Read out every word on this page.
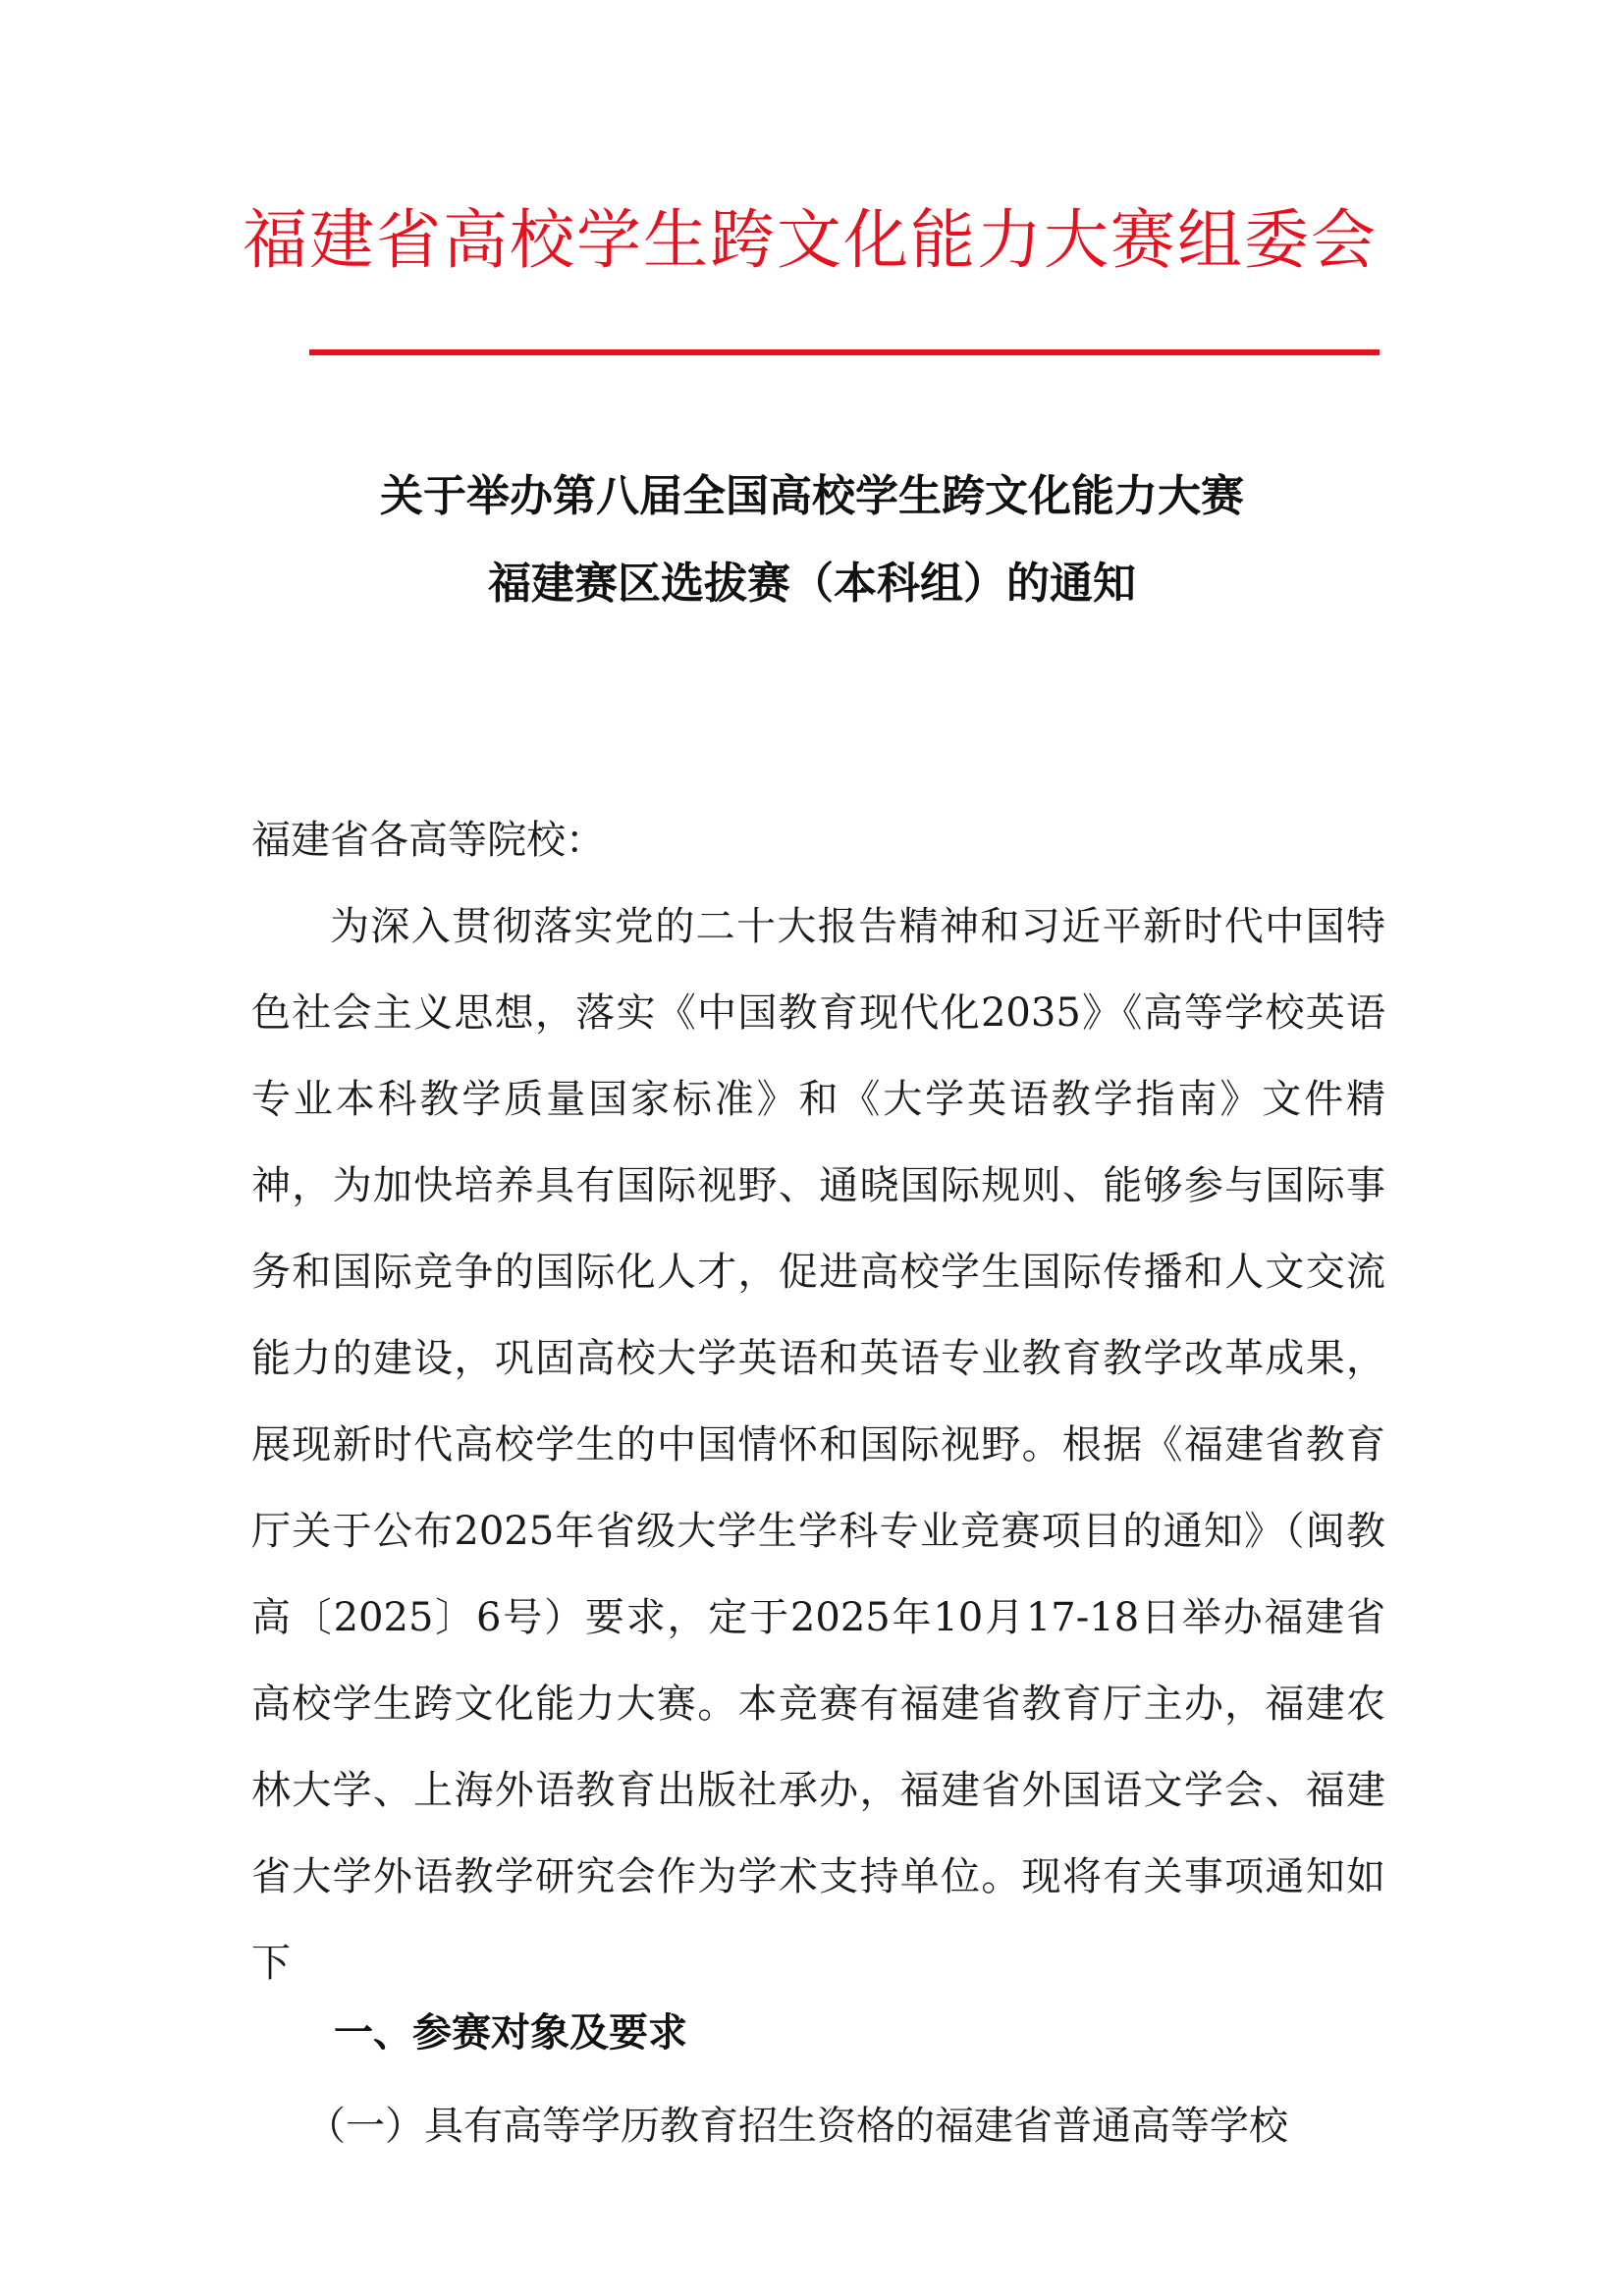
福建省高校学生跨文化能力大赛组委会
关于举办第八届全国高校学生跨文化能力大赛
福建赛区选拔赛（本科组）的通知
福建省各高等院校：
为深入贯彻落实党的二十大报告精神和习近平新时代中国特色社会主义思想，落实《中国教育现代化2035》《高等学校英语专业本科教学质量国家标准》和《大学英语教学指南》文件精神，为加快培养具有国际视野、通晓国际规则、能够参与国际事务和国际竞争的国际化人才，促进高校学生国际传播和人文交流能力的建设，巩固高校大学英语和英语专业教育教学改革成果，展现新时代高校学生的中国情怀和国际视野。根据《福建省教育厅关于公布2025年省级大学生学科专业竞赛项目的通知》（闽教高〔2025〕6号）要求，定于2025年10月17-18日举办福建省高校学生跨文化能力大赛。本竞赛有福建省教育厅主办，福建农林大学、上海外语教育出版社承办，福建省外国语文学会、福建省大学外语教学研究会作为学术支持单位。现将有关事项通知如下
一、参赛对象及要求
（一）具有高等学历教育招生资格的福建省普通高等学校
